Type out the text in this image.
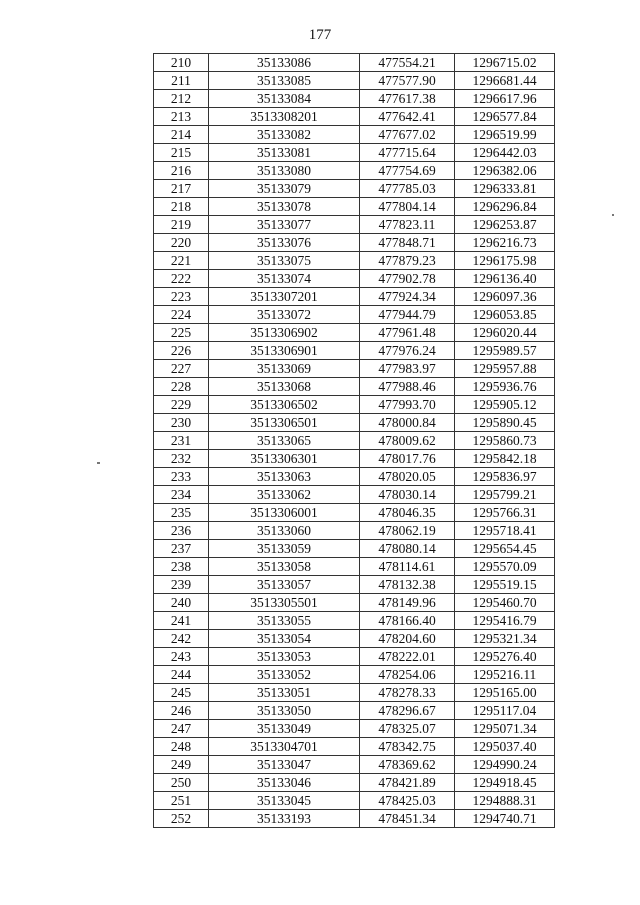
177
210	35133086	477554.21	1296715.02
211	35133085	477577.90	1296681.44
212	35133084	477617.38	1296617.96
213	3513308201	477642.41	1296577.84
214	35133082	477677.02	1296519.99
215	35133081	477715.64	1296442.03
216	35133080	477754.69	1296382.06
217	35133079	477785.03	1296333.81
218	35133078	477804.14	1296296.84
219	35133077	477823.11	1296253.87
220	35133076	477848.71	1296216.73
221	35133075	477879.23	1296175.98
222	35133074	477902.78	1296136.40
223	3513307201	477924.34	1296097.36
224	35133072	477944.79	1296053.85
225	3513306902	477961.48	1296020.44
226	3513306901	477976.24	1295989.57
227	35133069	477983.97	1295957.88
228	35133068	477988.46	1295936.76
229	3513306502	477993.70	1295905.12
230	3513306501	478000.84	1295890.45
231	35133065	478009.62	1295860.73
232	3513306301	478017.76	1295842.18
233	35133063	478020.05	1295836.97
234	35133062	478030.14	1295799.21
235	3513306001	478046.35	1295766.31
236	35133060	478062.19	1295718.41
237	35133059	478080.14	1295654.45
238	35133058	478114.61	1295570.09
239	35133057	478132.38	1295519.15
240	3513305501	478149.96	1295460.70
241	35133055	478166.40	1295416.79
242	35133054	478204.60	1295321.34
243	35133053	478222.01	1295276.40
244	35133052	478254.06	1295216.11
245	35133051	478278.33	1295165.00
246	35133050	478296.67	1295117.04
247	35133049	478325.07	1295071.34
248	3513304701	478342.75	1295037.40
249	35133047	478369.62	1294990.24
250	35133046	478421.89	1294918.45
251	35133045	478425.03	1294888.31
252	35133193	478451.34	1294740.71
